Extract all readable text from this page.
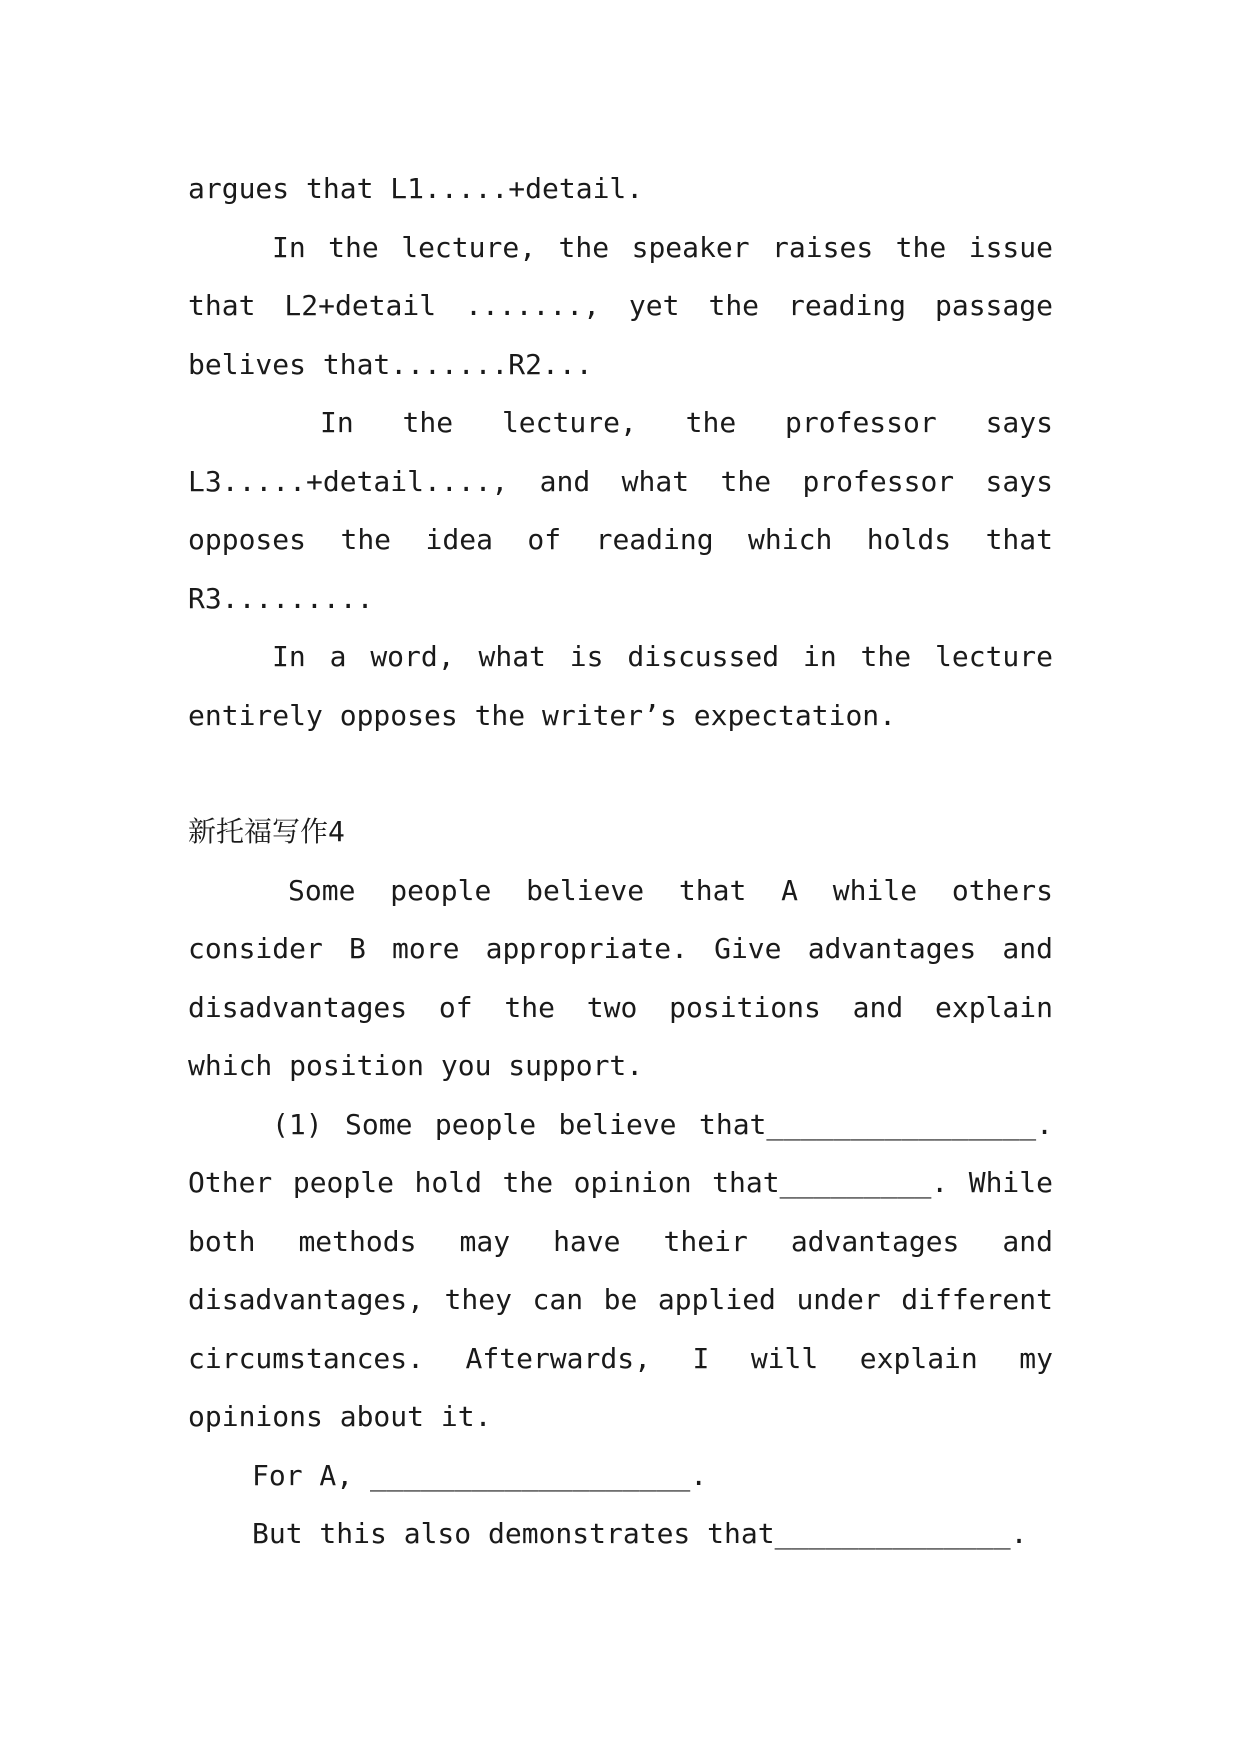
argues that L1.....+detail.

In the lecture, the speaker raises the issue that L2+detail ......., yet the reading passage belives that.......R2...

In the lecture, the professor says L3.....+detail...., and what the professor says opposes the idea of reading which holds that R3.........

In a word, what is discussed in the lecture entirely opposes the writer’s expectation.

新托福写作4

Some people believe that A while others consider B more appropriate. Give advantages and disadvantages of the two positions and explain which position you support.

(1) Some people believe that________________. Other people hold the opinion that_________. While both methods may have their advantages and disadvantages, they can be applied under different circumstances. Afterwards, I will explain my opinions about it.

For A, ___________________.

But this also demonstrates that______________.
